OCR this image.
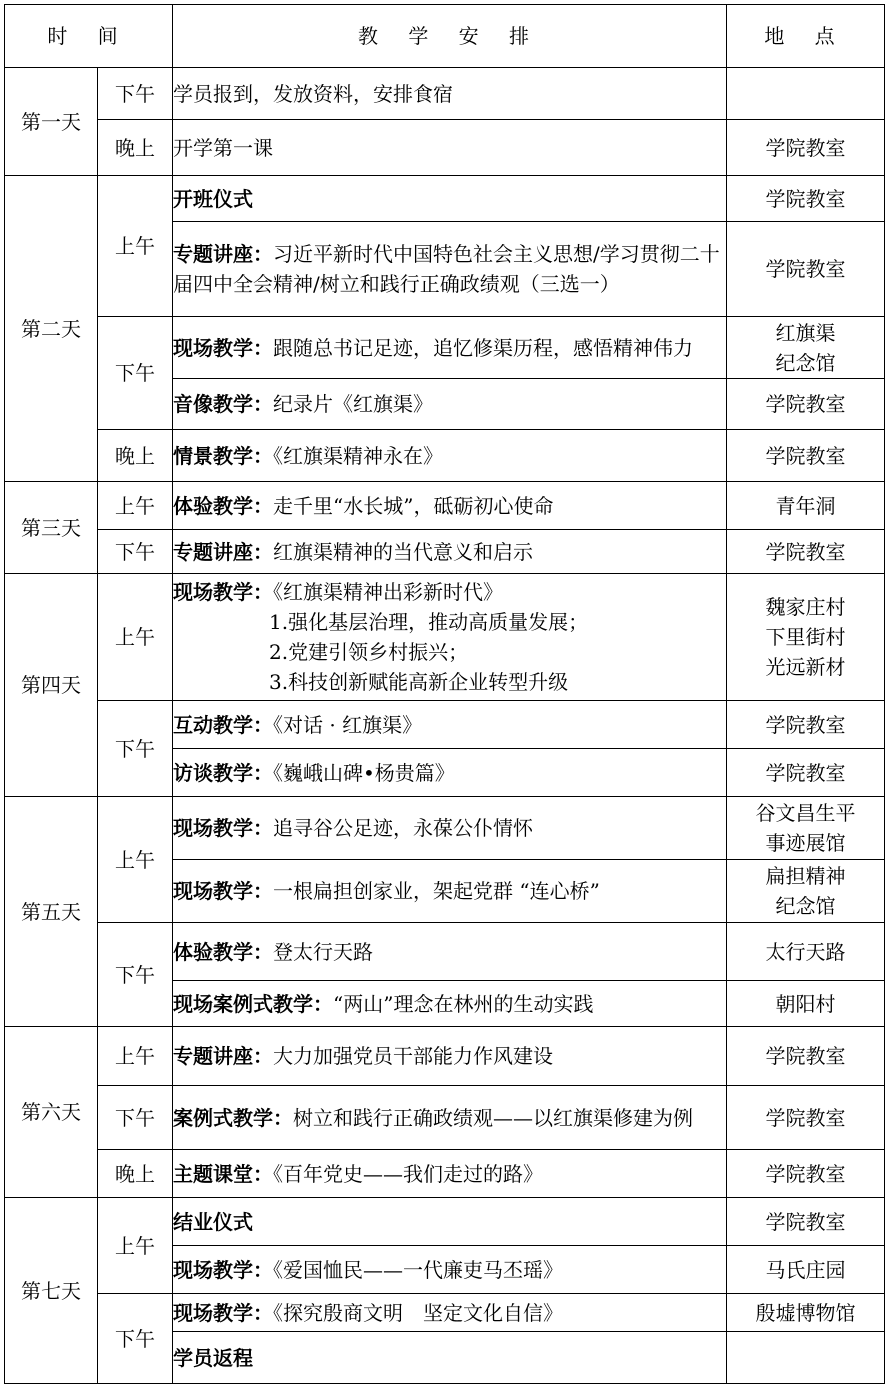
时 间		教 学 安 排	地 点
第一天	下午	学员报到，发放资料，安排食宿	
	晚上	开学第一课	学院教室
第二天	上午	开班仪式	学院教室
		专题讲座：习近平新时代中国特色社会主义思想/学习贯彻二十届四中全会精神/树立和践行正确政绩观（三选一）	学院教室
	下午	现场教学：跟随总书记足迹，追忆修渠历程，感悟精神伟力	红旗渠
纪念馆
		音像教学：纪录片《红旗渠》	学院教室
	晚上	情景教学：《红旗渠精神永在》	学院教室
第三天	上午	体验教学：走千里“水长城”，砥砺初心使命	青年洞
	下午	专题讲座：红旗渠精神的当代意义和启示	学院教室
第四天	上午	现场教学：《红旗渠精神出彩新时代》
1.强化基层治理，推动高质量发展；
2.党建引领乡村振兴；
3.科技创新赋能高新企业转型升级	魏家庄村
下里街村
光远新材
	下午	互动教学：《对话 · 红旗渠》	学院教室
		访谈教学：《巍峨山碑•杨贵篇》	学院教室
第五天	上午	现场教学：追寻谷公足迹，永葆公仆情怀	谷文昌生平
事迹展馆
		现场教学：一根扁担创家业，架起党群 “连心桥”	扁担精神
纪念馆
	下午	体验教学：登太行天路	太行天路
		现场案例式教学：“两山”理念在林州的生动实践	朝阳村
第六天	上午	专题讲座：大力加强党员干部能力作风建设	学院教室
	下午	案例式教学：树立和践行正确政绩观——以红旗渠修建为例	学院教室
	晚上	主题课堂：《百年党史——我们走过的路》	学院教室
第七天	上午	结业仪式	学院教室
		现场教学：《爱国恤民——一代廉吏马丕瑶》	马氏庄园
	下午	现场教学：《探究殷商文明　坚定文化自信》	殷墟博物馆
		学员返程	
